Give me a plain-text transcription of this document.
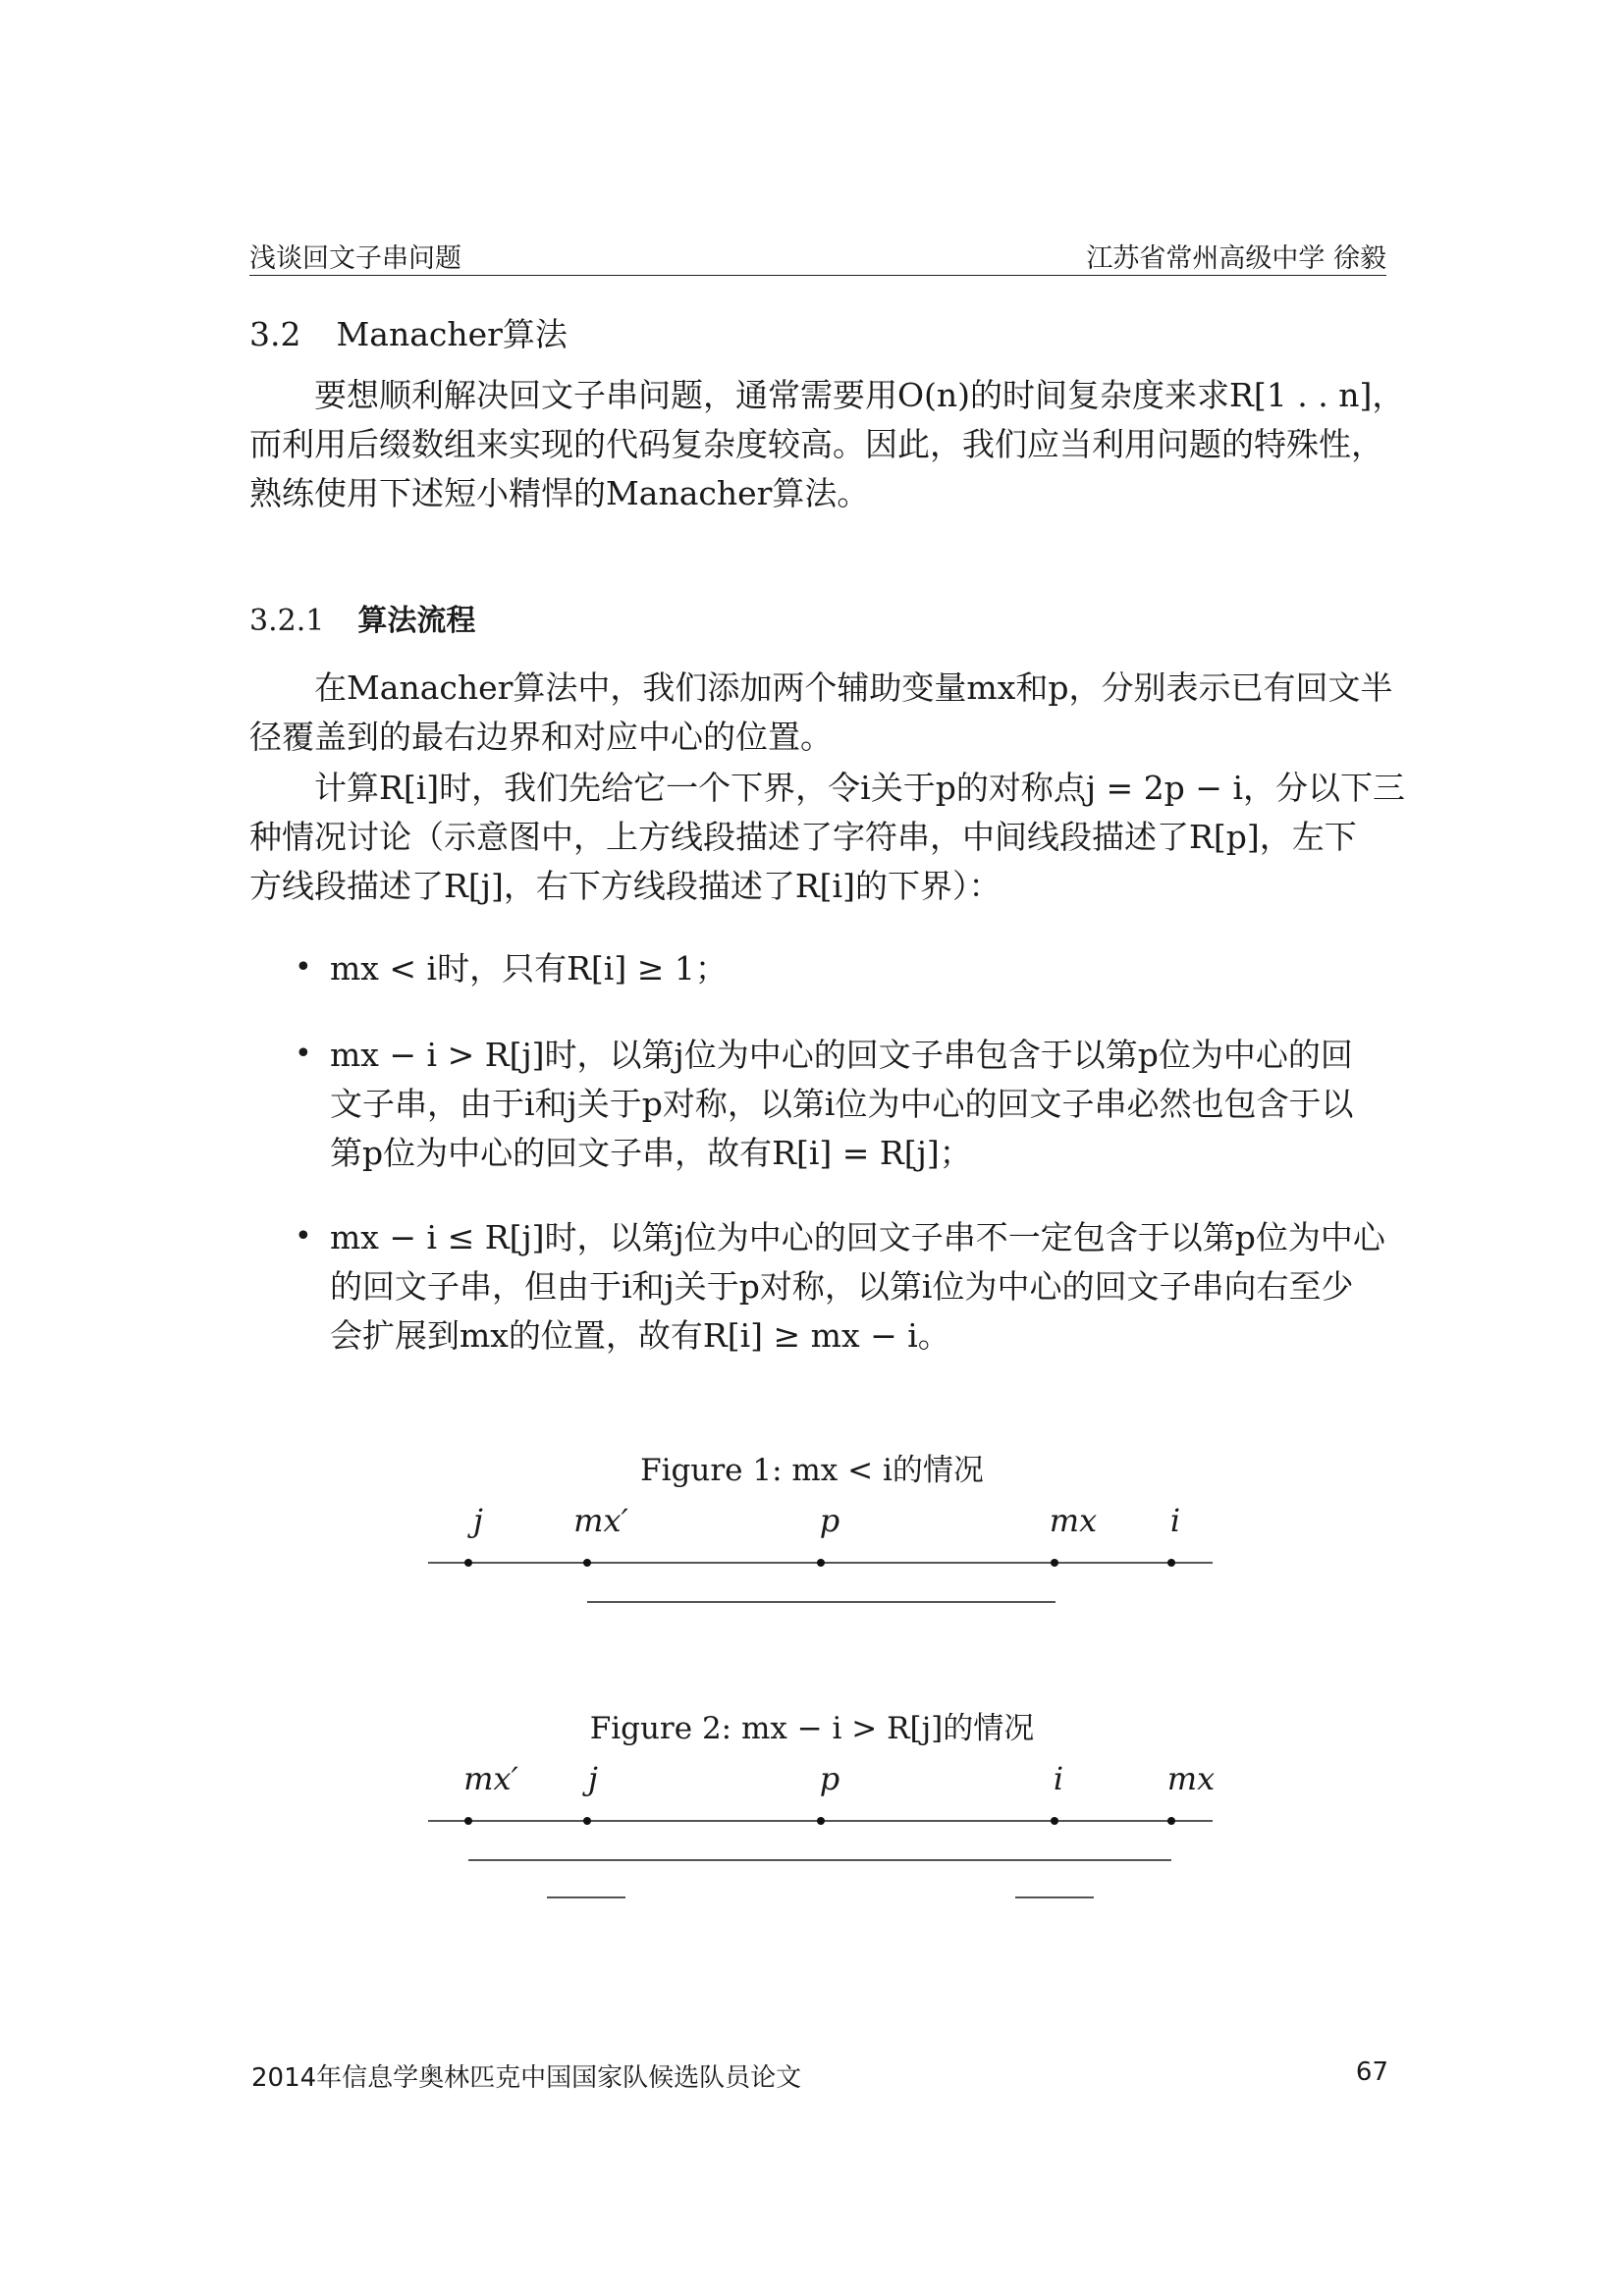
浅谈回文子串问题	江苏省常州高级中学 徐毅
3.2 Manacher算法
要想顺利解决回文子串问题，通常需要用O(n)的时间复杂度来求R[1 . . n]，
而利用后缀数组来实现的代码复杂度较高。因此，我们应当利用问题的特殊性，
熟练使用下述短小精悍的Manacher算法。
3.2.1 算法流程
在Manacher算法中，我们添加两个辅助变量mx和p，分别表示已有回文半
径覆盖到的最右边界和对应中心的位置。
计算R[i]时，我们先给它一个下界，令i关于p的对称点j = 2p − i，分以下三
种情况讨论（示意图中，上方线段描述了字符串，中间线段描述了R[p]，左下
方线段描述了R[j]，右下方线段描述了R[i]的下界）：
• mx < i时，只有R[i] ≥ 1；
• mx − i > R[j]时，以第j位为中心的回文子串包含于以第p位为中心的回
文子串，由于i和j关于p对称，以第i位为中心的回文子串必然也包含于以
第p位为中心的回文子串，故有R[i] = R[j]；
• mx − i ≤ R[j]时，以第j位为中心的回文子串不一定包含于以第p位为中心
的回文子串，但由于i和j关于p对称，以第i位为中心的回文子串向右至少
会扩展到mx的位置，故有R[i] ≥ mx − i。
Figure 1: mx < i的情况
j	mx′	p	mx i
Figure 2: mx − i > R[j]的情况
mx′ j	p	i	mx
2014年信息学奥林匹克中国国家队候选队员论文	67
